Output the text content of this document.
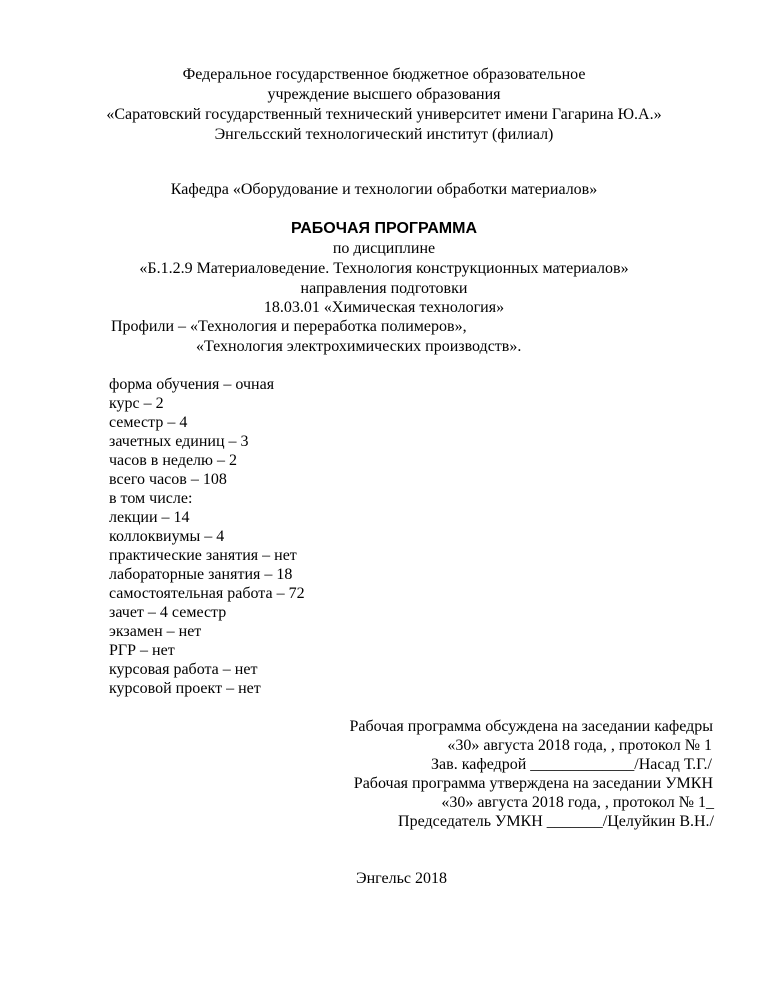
Федеральное государственное бюджетное образовательное
учреждение высшего образования
«Саратовский государственный технический университет имени Гагарина Ю.А.»
Энгельсский технологический институт (филиал)
Кафедра «Оборудование и технологии обработки материалов»
РАБОЧАЯ ПРОГРАММА
по дисциплине
«Б.1.2.9 Материаловедение. Технология конструкционных материалов»
направления подготовки
18.03.01 «Химическая технология»
Профили – «Технология и переработка полимеров»,
«Технология электрохимических производств».
форма обучения – очная
курс – 2
семестр – 4
зачетных единиц – 3
часов в неделю – 2
всего часов – 108
в том числе:
лекции – 14
коллоквиумы – 4
практические занятия – нет
лабораторные занятия – 18
самостоятельная работа – 72
зачет – 4 семестр
экзамен – нет
РГР – нет
курсовая работа – нет
курсовой проект – нет
Рабочая программа обсуждена на заседании кафедры
«30» августа 2018 года, , протокол № 1
Зав. кафедрой _____________/Насад Т.Г./
Рабочая программа утверждена на заседании УМКН
«30» августа 2018 года, , протокол № 1_
Председатель УМКН _______/Целуйкин В.Н./
Энгельс 2018
